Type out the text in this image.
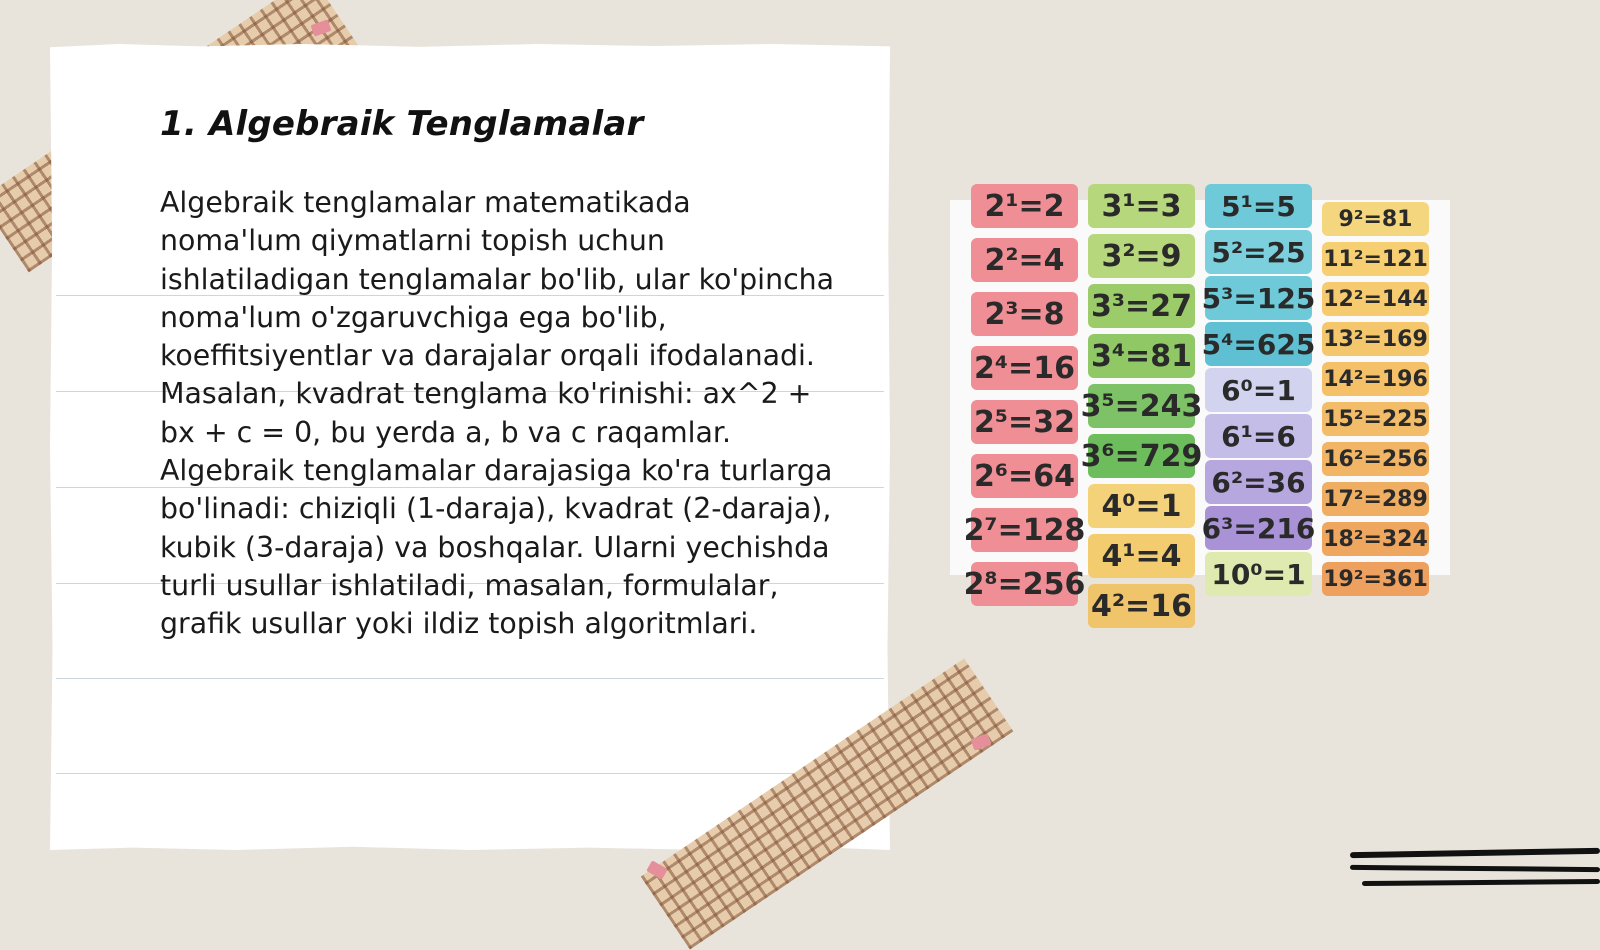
1. Algebraik Tenglamalar

Algebraik tenglamalar matematikada noma'lum qiymatlarni topish uchun ishlatiladigan tenglamalar bo'lib, ular ko'pincha noma'lum o'zgaruvchiga ega bo'lib, koeffitsiyentlar va darajalar orqali ifodalanadi. Masalan, kvadrat tenglama ko'rinishi: ax^2 + bx + c = 0, bu yerda a, b va c raqamlar. Algebraik tenglamalar darajasiga ko'ra turlarga bo'linadi: chiziqli (1-daraja), kvadrat (2-daraja), kubik (3-daraja) va boshqalar. Ularni yechishda turli usullar ishlatiladi, masalan, formulalar, grafik usullar yoki ildiz topish algoritmlari.

2¹=2
2²=4
2³=8
2⁴=16
2⁵=32
2⁶=64
2⁷=128
2⁸=256
3¹=3
3²=9
3³=27
3⁴=81
3⁵=243
3⁶=729
4⁰=1
4¹=4
4²=16
5¹=5
5²=25
5³=125
5⁴=625
6⁰=1
6¹=6
6²=36
6³=216
10⁰=1
9²=81
11²=121
12²=144
13²=169
14²=196
15²=225
16²=256
17²=289
18²=324
19²=361
